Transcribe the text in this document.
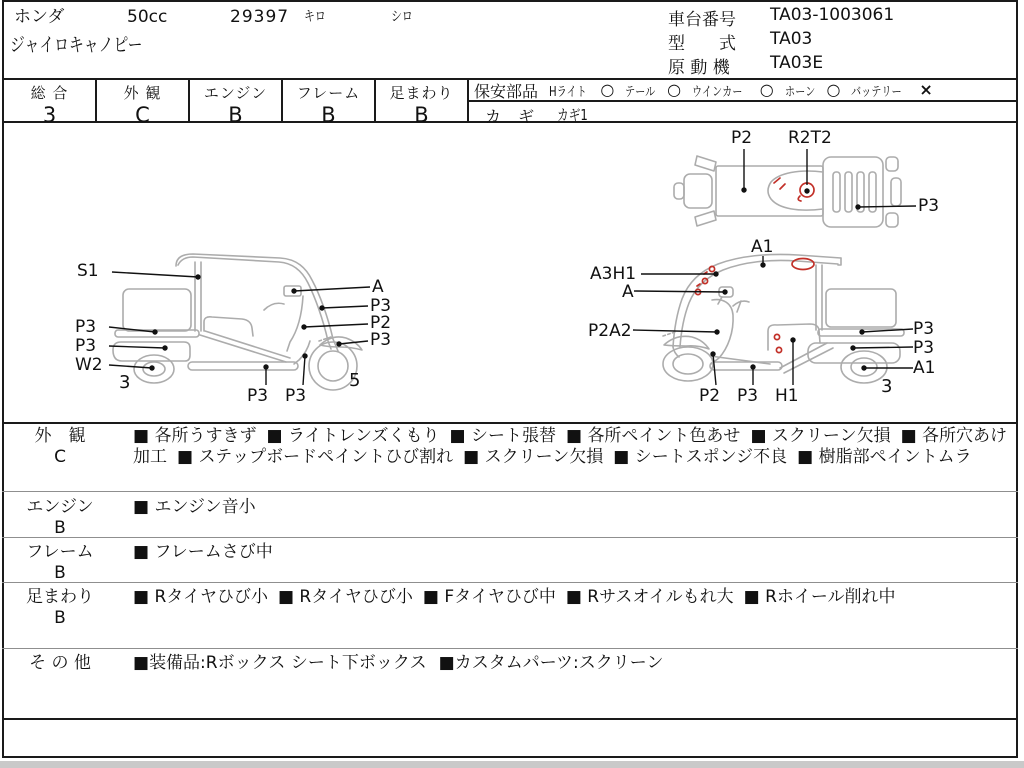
ホンダ	50cc	29397 キロ	シロ
ジャイロキャノピー
車台番号	TA03-1003061
型　　式	TA03
原 動 機	TA03E
総 合
3
外 観
C
エンジン
B
フレーム
B
足まわり
B
保安部品 Hライト ○ テール ○ ウインカー ○ ホーン ○ バッテリー ×
カ ギ カギ1
P2 R2T2
P3
S1
A
P3
P2
P3
P3
P3
W2
3
P3 P3
5
A1
A3H1
A
P2A2	P3
P3
A1
3
P2 P3 H1
外　観
C
■ 各所うすきず ■ ライトレンズくもり ■ シート張替 ■ 各所ペイント色あせ ■ スクリーン欠損 ■ 各所穴あけ加工 ■ ステップボードペイントひび割れ ■ スクリーン欠損 ■ シートスポンジ不良 ■ 樹脂部ペイントムラ
エンジン
B
■ エンジン音小
フレーム
B
■ フレームさび中
足まわり
B
■ Rタイヤひび小 ■ Rタイヤひび小 ■ Fタイヤひび中 ■ Rサスオイルもれ大 ■ Rホイール削れ中
そ の 他	■ 装備品:Rボックス シート下ボックス ■ カスタムパーツ:スクリーン
